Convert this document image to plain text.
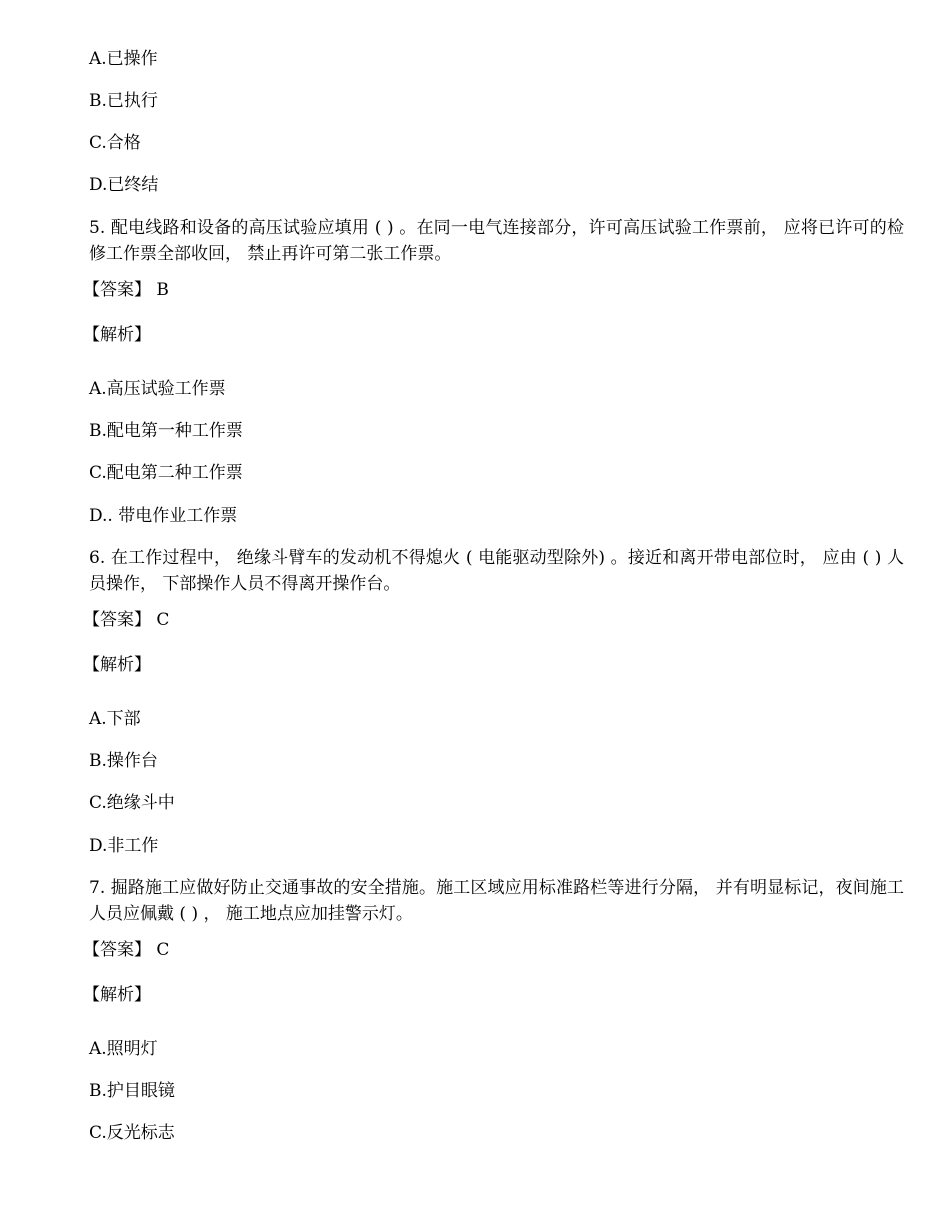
A.已操作
B.已执行
C.合格
D.已终结
5. 配电线路和设备的高压试验应填用 ( ) 。在同一电气连接部分，许可高压试验工作票前， 应将已许可的检修工作票全部收回， 禁止再许可第二张工作票。
【答案】 B
【解析】
A.高压试验工作票
B.配电第一种工作票
C.配电第二种工作票
D.. 带电作业工作票
6. 在工作过程中， 绝缘斗臂车的发动机不得熄火 ( 电能驱动型除外) 。接近和离开带电部位时， 应由 ( ) 人员操作， 下部操作人员不得离开操作台。
【答案】 C
【解析】
A.下部
B.操作台
C.绝缘斗中
D.非工作
7. 掘路施工应做好防止交通事故的安全措施。施工区域应用标准路栏等进行分隔， 并有明显标记，夜间施工人员应佩戴 ( ) ， 施工地点应加挂警示灯。
【答案】 C
【解析】
A.照明灯
B.护目眼镜
C.反光标志
